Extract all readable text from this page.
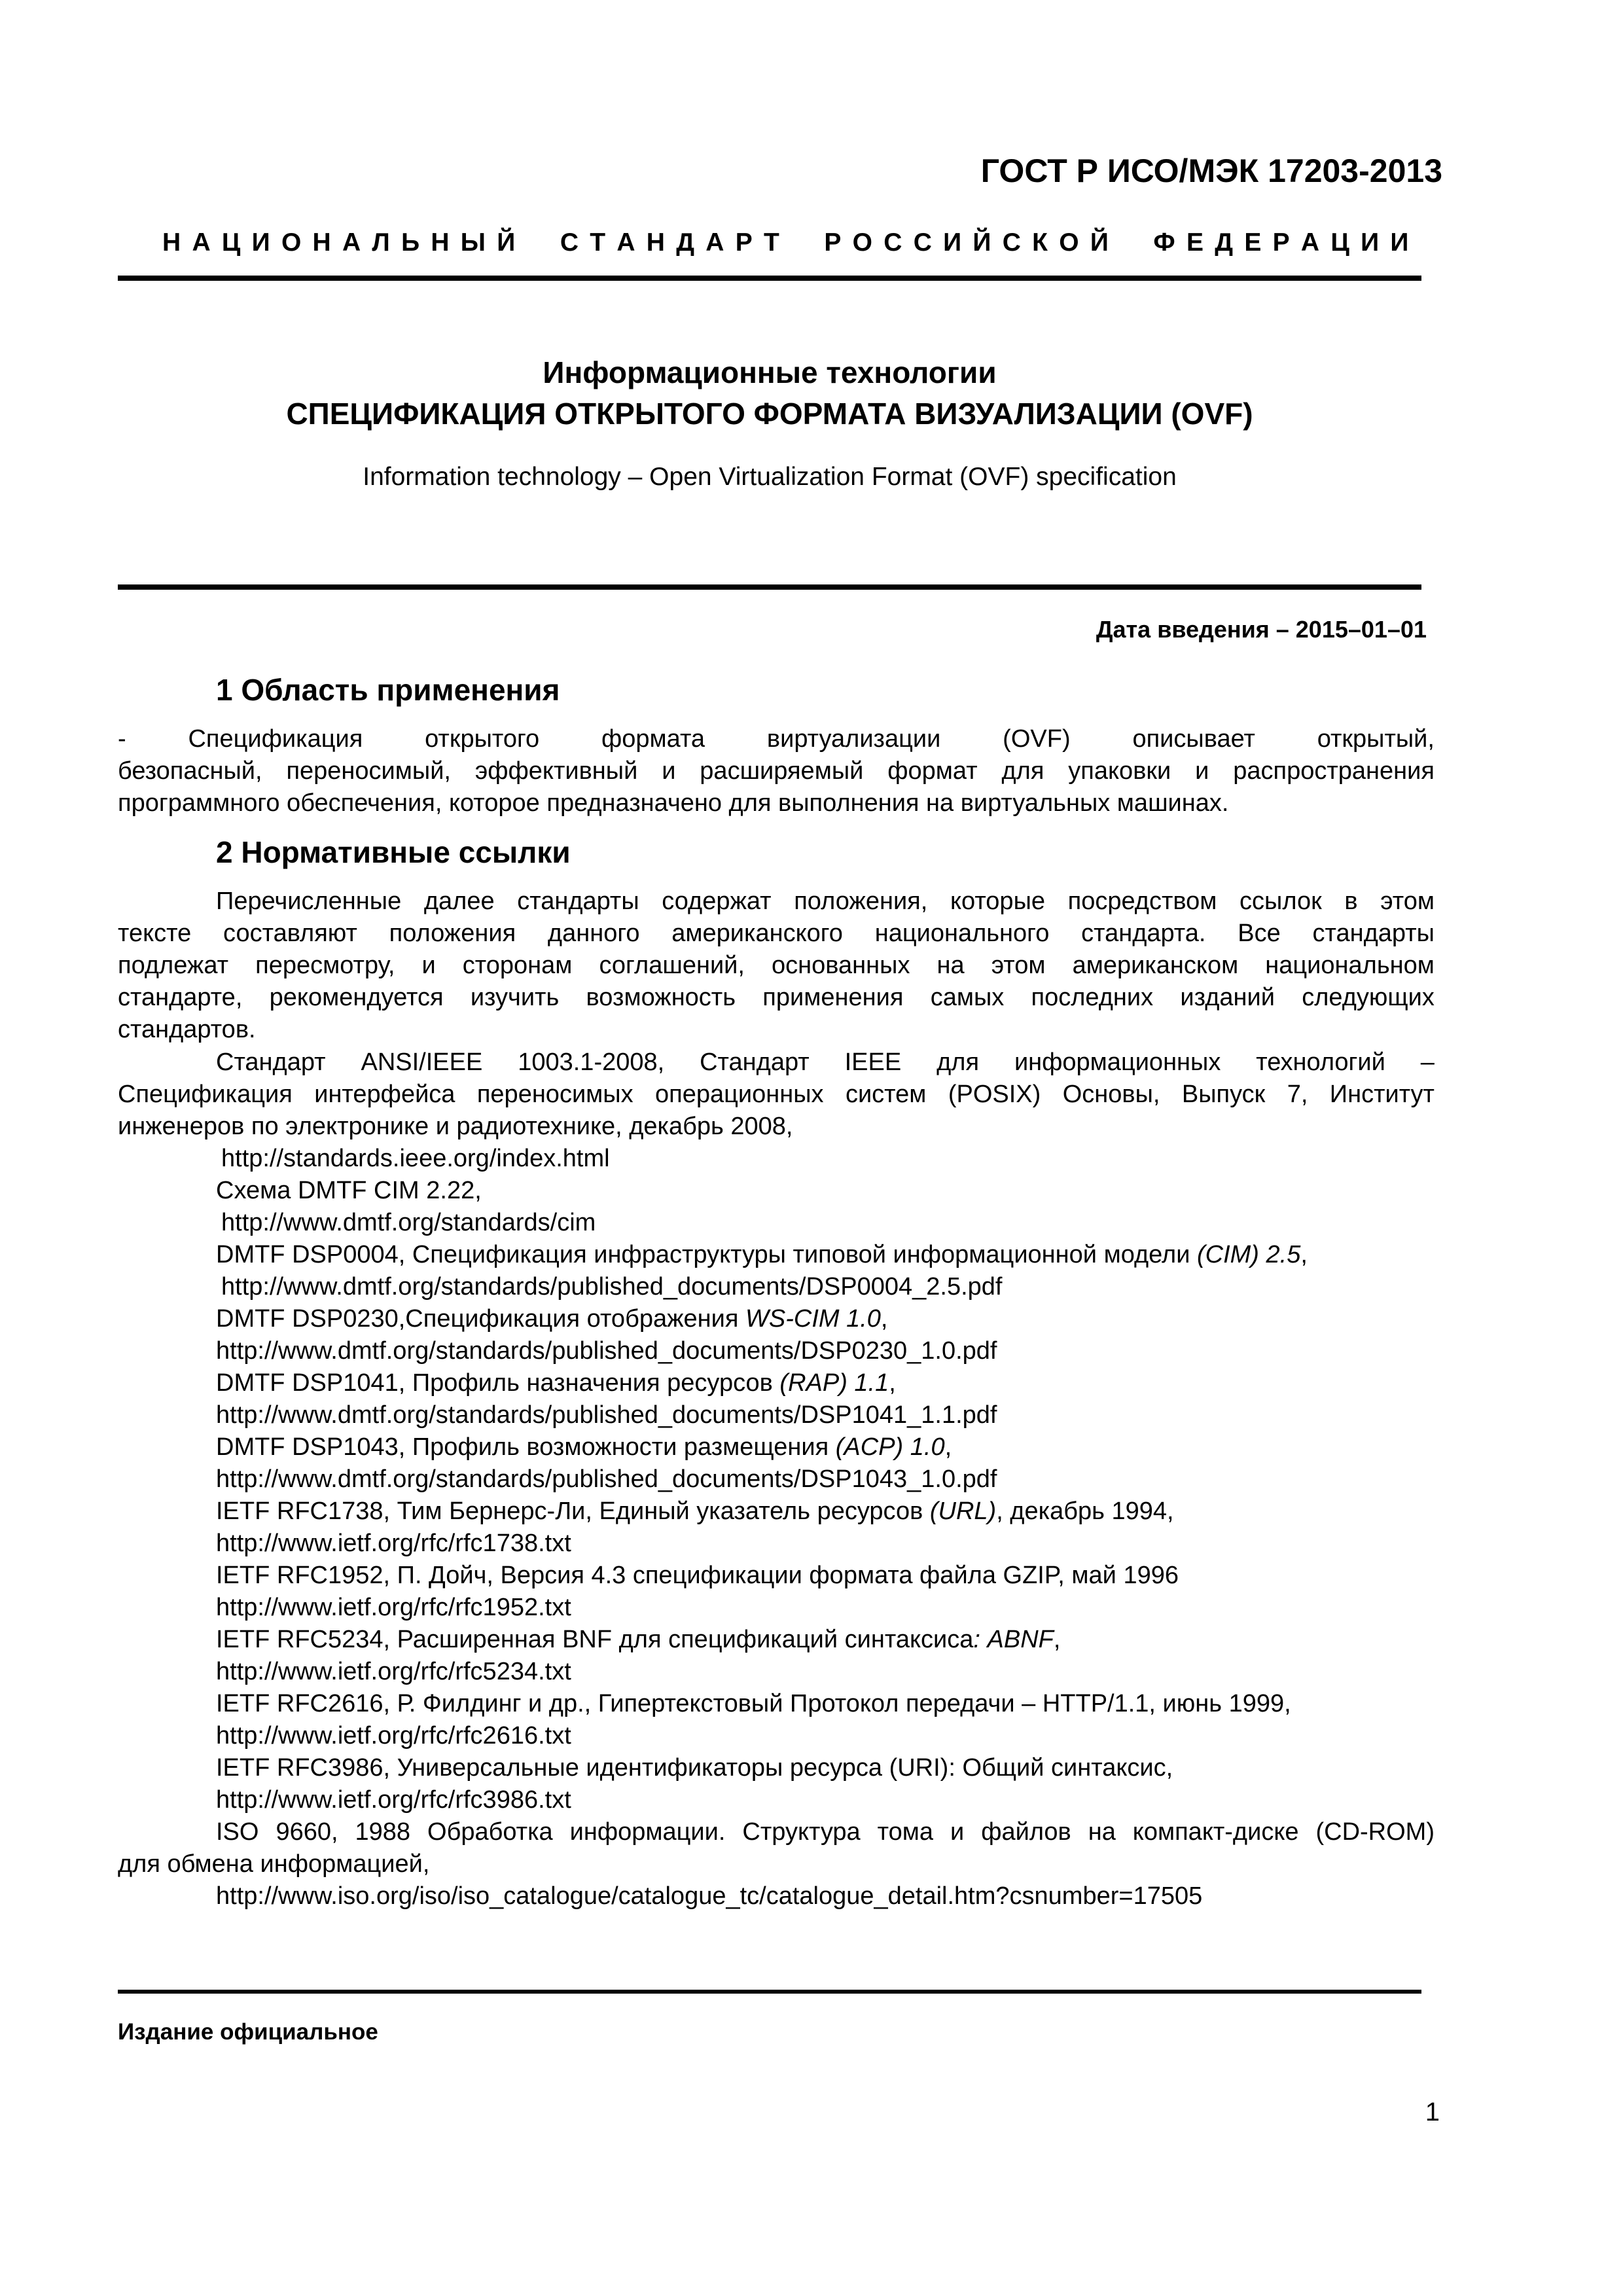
ГОСТ Р ИСО/МЭК 17203-2013
Н А Ц И О Н А Л Ь Н Ы Й С Т А Н Д А Р Т Р О С С И Й С К О Й Ф Е Д Е Р А Ц И И
Информационные технологии
СПЕЦИФИКАЦИЯ ОТКРЫТОГО ФОРМАТА ВИЗУАЛИЗАЦИИ (OVF)
Information technology – Open Virtualization Format (OVF) specification
Дата введения – 2015–01–01
1 Область применения
- Спецификация открытого формата виртуализации (OVF) описывает открытый,
безопасный, переносимый, эффективный и расширяемый формат для упаковки и распространения
программного обеспечения, которое предназначено для выполнения на виртуальных машинах.
2 Нормативные ссылки
Перечисленные далее стандарты содержат положения, которые посредством ссылок в этом
тексте составляют положения данного американского национального стандарта. Все стандарты
подлежат пересмотру, и сторонам соглашений, основанных на этом американском национальном
стандарте, рекомендуется изучить возможность применения самых последних изданий следующих
стандартов.
Стандарт ANSI/IEEE 1003.1-2008, Стандарт IEEE для информационных технологий –
Спецификация интерфейса переносимых операционных систем (POSIX) Основы, Выпуск 7, Институт
инженеров по электронике и радиотехнике, декабрь 2008,
http://standards.ieee.org/index.html
Схема DMTF CIM 2.22,
http://www.dmtf.org/standards/cim
DMTF DSP0004, Спецификация инфраструктуры типовой информационной модели (CIM) 2.5,
http://www.dmtf.org/standards/published_documents/DSP0004_2.5.pdf
DMTF DSP0230,Спецификация отображения WS-CIM 1.0,
http://www.dmtf.org/standards/published_documents/DSP0230_1.0.pdf
DMTF DSP1041, Профиль назначения ресурсов (RAP) 1.1,
http://www.dmtf.org/standards/published_documents/DSP1041_1.1.pdf
DMTF DSP1043, Профиль возможности размещения (ACP) 1.0,
http://www.dmtf.org/standards/published_documents/DSP1043_1.0.pdf
IETF RFC1738, Тим Бернерс-Ли, Единый указатель ресурсов (URL), декабрь 1994,
http://www.ietf.org/rfc/rfc1738.txt
IETF RFC1952, П. Дойч, Версия 4.3 спецификации формата файла GZIP, май 1996
http://www.ietf.org/rfc/rfc1952.txt
IETF RFC5234, Расширенная BNF для спецификаций синтаксиса: ABNF,
http://www.ietf.org/rfc/rfc5234.txt
IETF RFC2616, Р. Филдинг и др., Гипертекстовый Протокол передачи – HTTP/1.1, июнь 1999,
http://www.ietf.org/rfc/rfc2616.txt
IETF RFC3986, Универсальные идентификаторы ресурса (URI): Общий синтаксис,
http://www.ietf.org/rfc/rfc3986.txt
ISO 9660, 1988 Обработка информации. Структура тома и файлов на компакт-диске (CD-ROM)
для обмена информацией,
http://www.iso.org/iso/iso_catalogue/catalogue_tc/catalogue_detail.htm?csnumber=17505
Издание официальное
1
